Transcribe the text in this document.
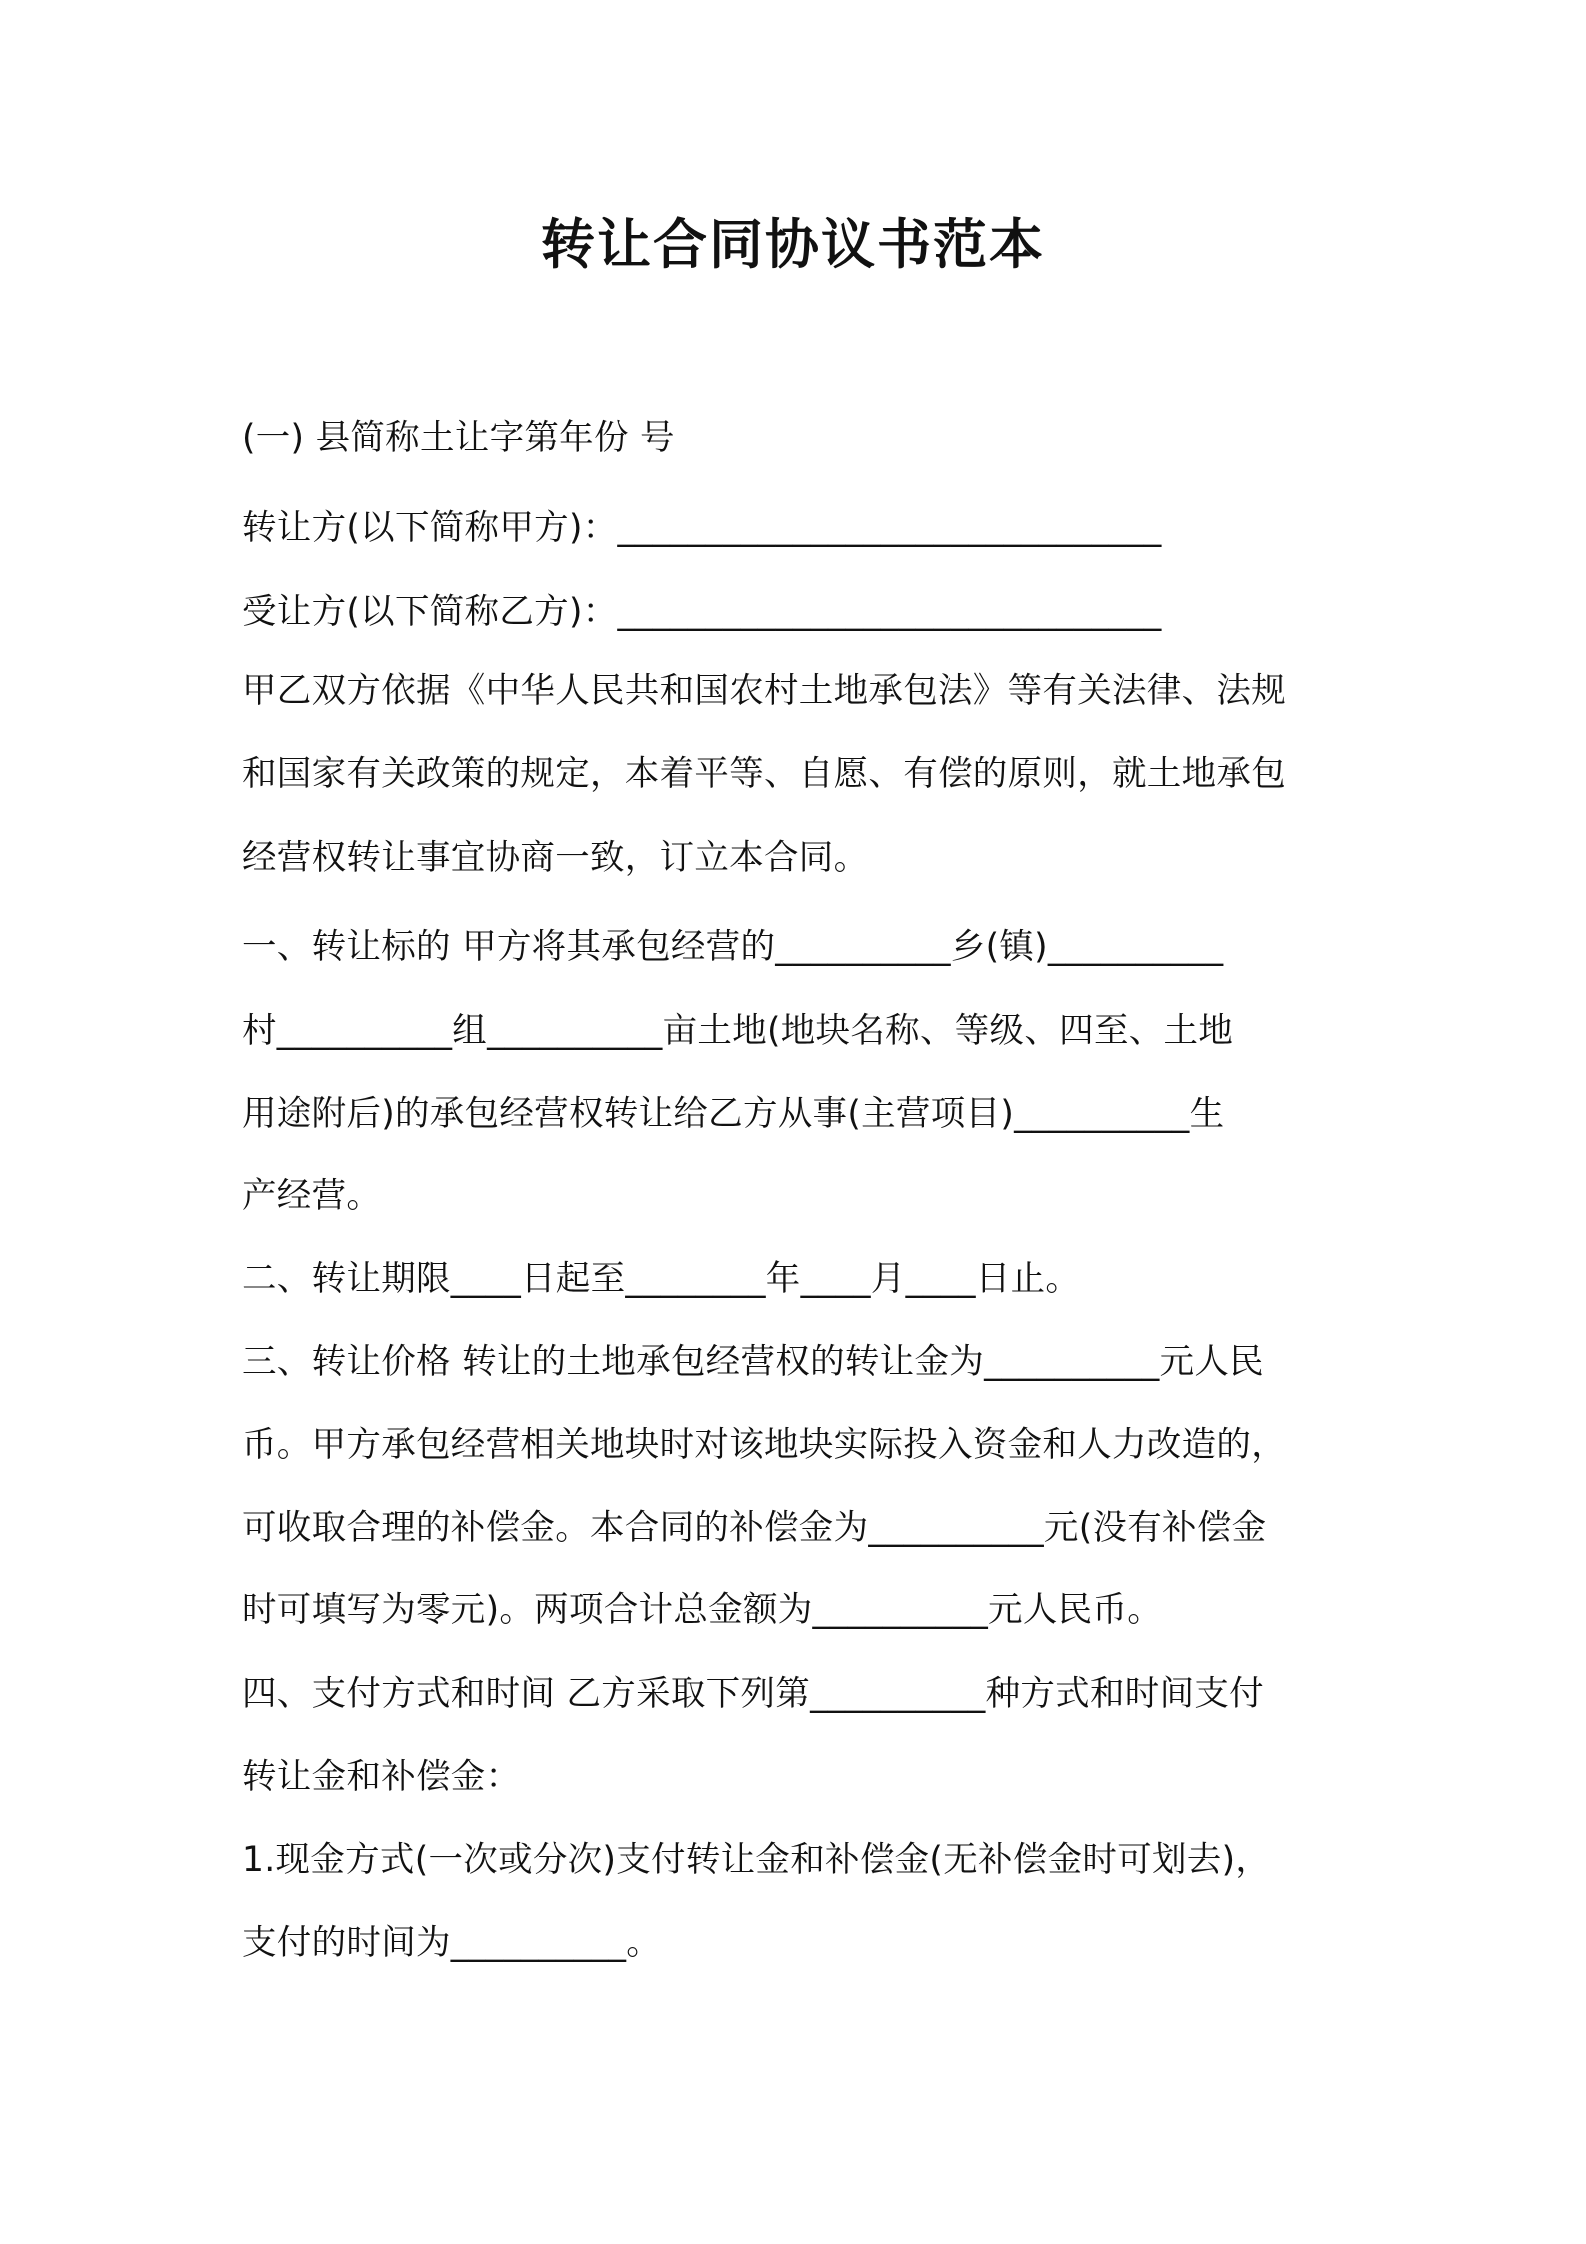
转让合同协议书范本
(一) 县简称土让字第年份 号
转让方(以下简称甲方)：_______________________________
受让方(以下简称乙方)：_______________________________
甲乙双方依据《中华人民共和国农村土地承包法》等有关法律、法规
和国家有关政策的规定，本着平等、自愿、有偿的原则，就土地承包
经营权转让事宜协商一致，订立本合同。
一、转让标的 甲方将其承包经营的__________乡(镇)__________
村__________组__________亩土地(地块名称、等级、四至、土地
用途附后)的承包经营权转让给乙方从事(主营项目)__________生
产经营。
二、转让期限____日起至________年____月____日止。
三、转让价格 转让的土地承包经营权的转让金为__________元人民
币。甲方承包经营相关地块时对该地块实际投入资金和人力改造的，
可收取合理的补偿金。本合同的补偿金为__________元(没有补偿金
时可填写为零元)。两项合计总金额为__________元人民币。
四、支付方式和时间 乙方采取下列第__________种方式和时间支付
转让金和补偿金：
1.现金方式(一次或分次)支付转让金和补偿金(无补偿金时可划去)，
支付的时间为__________。
